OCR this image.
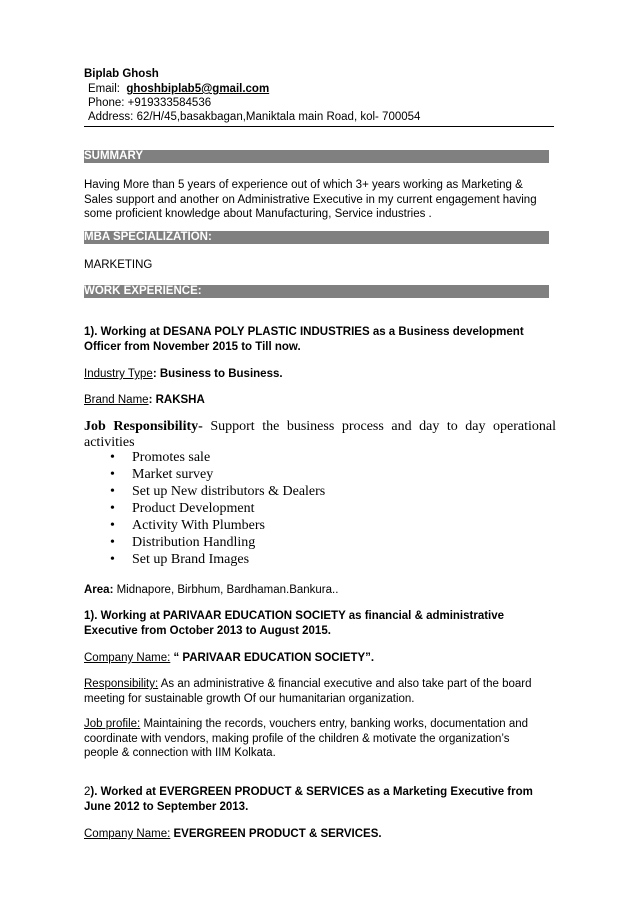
Biplab Ghosh
Email: ghoshbiplab5@gmail.com
Phone: +919333584536
Address: 62/H/45,basakbagan,Maniktala main Road, kol- 700054
SUMMARY
Having More than 5 years of experience out of which 3+ years working as Marketing &
Sales support and another on Administrative Executive in my current engagement having
some proficient knowledge about Manufacturing, Service industries .
MBA SPECIALIZATION:
MARKETING
WORK EXPERIENCE:
1). Working at DESANA POLY PLASTIC INDUSTRIES as a Business development
Officer from November 2015 to Till now.
Industry Type: Business to Business.
Brand Name: RAKSHA
Job Responsibility- Support the business process and day to day operational activities
• Promotes sale
• Market survey
• Set up New distributors & Dealers
• Product Development
• Activity With Plumbers
• Distribution Handling
• Set up Brand Images
Area: Midnapore, Birbhum, Bardhaman.Bankura..
1). Working at PARIVAAR EDUCATION SOCIETY as financial & administrative
Executive from October 2013 to August 2015.
Company Name: “ PARIVAAR EDUCATION SOCIETY”.
Responsibility: As an administrative & financial executive and also take part of the board
meeting for sustainable growth Of our humanitarian organization.
Job profile: Maintaining the records, vouchers entry, banking works, documentation and
coordinate with vendors, making profile of the children & motivate the organization’s
people & connection with IIM Kolkata.
2). Worked at EVERGREEN PRODUCT & SERVICES as a Marketing Executive from
June 2012 to September 2013.
Company Name: EVERGREEN PRODUCT & SERVICES.
